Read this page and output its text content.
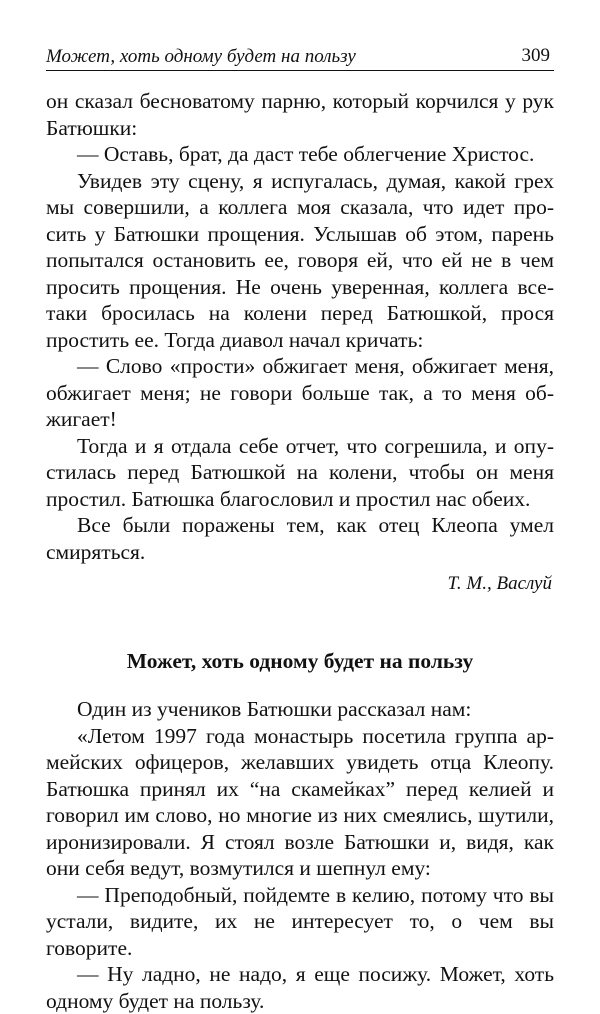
Может, хоть одному будет на пользу	309

он сказал бесноватому парню, который корчился у рук Батюшки:

— Оставь, брат, да даст тебе облегчение Христос.

Увидев эту сцену, я испугалась, думая, какой грех мы совершили, а коллега моя сказала, что идет просить у Батюшки прощения. Услышав об этом, парень попытался остановить ее, говоря ей, что ей не в чем просить прощения. Не очень уверенная, коллега все-таки бросилась на колени перед Батюшкой, прося простить ее. Тогда диавол начал кричать:

— Слово «прости» обжигает меня, обжигает меня, обжигает меня; не говори больше так, а то меня обжигает!

Тогда и я отдала себе отчет, что согрешила, и опустилась перед Батюшкой на колени, чтобы он меня простил. Батюшка благословил и простил нас обеих.

Все были поражены тем, как отец Клеопа умел смиряться.

Т. М., Васлуй

Может, хоть одному будет на пользу

Один из учеников Батюшки рассказал нам:

«Летом 1997 года монастырь посетила группа армейских офицеров, желавших увидеть отца Клеопу. Батюшка принял их “на скамейках” перед келией и говорил им слово, но многие из них смеялись, шутили, иронизировали. Я стоял возле Батюшки и, видя, как они себя ведут, возмутился и шепнул ему:

— Преподобный, пойдемте в келию, потому что вы устали, видите, их не интересует то, о чем вы говорите.

— Ну ладно, не надо, я еще посижу. Может, хоть одному будет на пользу.
